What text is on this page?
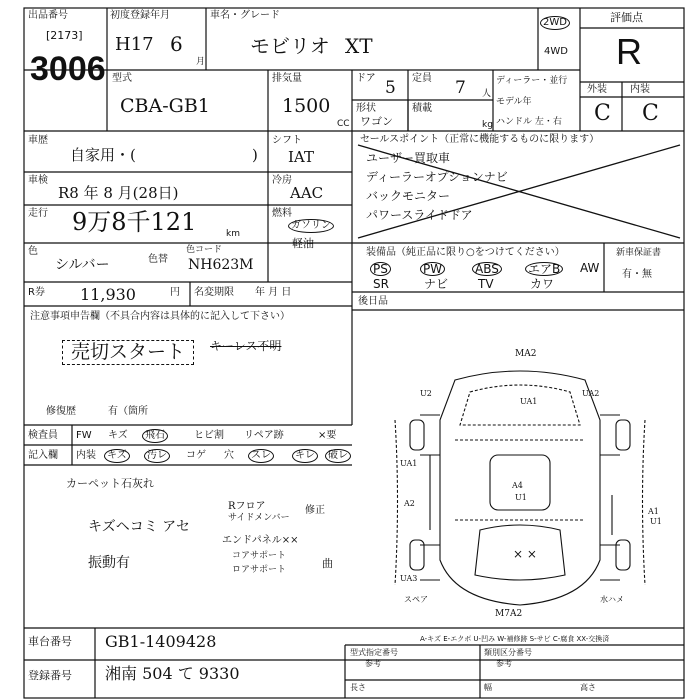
出品番号
[2173]
3006
初度登録年月
H17 6
月
車名・グレード
モビリオ XT
2WD
4WD
評価点
R
型式
CBA-GB1
排気量
1500
CC
ドア 5 定員 7 人
形状
ワゴン
積載
kg
ディーラー・並行
モデル年
ハンドル 左・右
外装 内装
C C
車歴
自家用・(	)
シフト
IAT
車検
R8 年 8 月(28日)
冷房
AAC
走行 9万8千121	km
燃料
ガソリン
軽油
色
シルバー	色替
色コード
NH623M
R券 11,930	円 名変期限 年 月 日
注意事項申告欄（不具合内容は具体的に記入して下さい）
売切スタート	キーレス不明
修復歴	有（箇所
セールスポイント（正常に機能するものに限ります）
ユーザー買取車
ディーラーオプションナビ
バックモニター
パワースライドドア
装備品（純正品に限り○をつけてください）
PS	PW	ABS エアB AW
SR	ナビ TV	カワ
新車保証書
有・無
後日品
検査員 FW キズ	飛石	ヒビ割 リペア跡	×要
記入欄 内装	キズ	汚レ	コゲ 穴	スレ	キレ	破レ
カーペット石灰れ
キズヘコミ アセ
振動有
Rフロア
サイドメンバー
修正
エンドパネル××
コアサポート
ロアサポート	曲
MA2
U2
UA1
UA1
A2
A4
U1
A1
U1
UA3
スペア	水ハメ
M7A2
UA2
× ×
A-キズ E-エクボ U-凹み W-補修跡 S-サビ C-腐食 XX-交換済
車台番号 GB1-1409428
登録番号 湘南 504 て 9330
型式指定番号
参考
類別区分番号
参考
長さ	幅	高さ
